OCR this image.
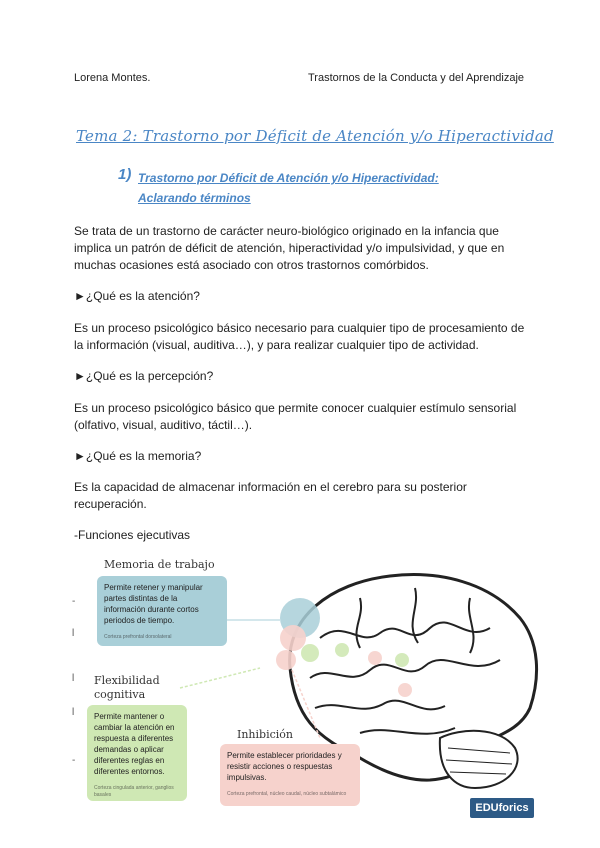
Lorena Montes.	Trastornos de la Conducta y del Aprendizaje
Tema 2: Trastorno por Déficit de Atención y/o Hiperactividad
1) Trastorno por Déficit de Atención y/o Hiperactividad: Aclarando términos
Se trata de un trastorno de carácter neuro-biológico originado en la infancia que implica un patrón de déficit de atención, hiperactividad y/o impulsividad, y que en muchas ocasiones está asociado con otros trastornos comórbidos.
►¿Qué es la atención?
Es un proceso psicológico básico necesario para cualquier tipo de procesamiento de la información (visual, auditiva…), y para realizar cualquier tipo de actividad.
►¿Qué es la percepción?
Es un proceso psicológico básico que permite conocer cualquier estímulo sensorial (olfativo, visual, auditivo, táctil…).
►¿Qué es la memoria?
Es la capacidad de almacenar información en el cerebro para su posterior recuperación.
-Funciones ejecutivas
-
l
l
l
-
Memoria de trabajo
Permite retener y manipular partes distintas de la información durante cortos periodos de tiempo.
Corteza prefrontal dorsolateral
Flexibilidad
cognitiva
Permite mantener o cambiar la atención en respuesta a diferentes demandas o aplicar diferentes reglas en diferentes entornos.
Corteza cingulada anterior, ganglios basales
Inhibición
Permite establecer prioridades y resistir acciones o respuestas impulsivas.
Corteza prefrontal, núcleo caudal, núcleo subtalámico
EDUforics
